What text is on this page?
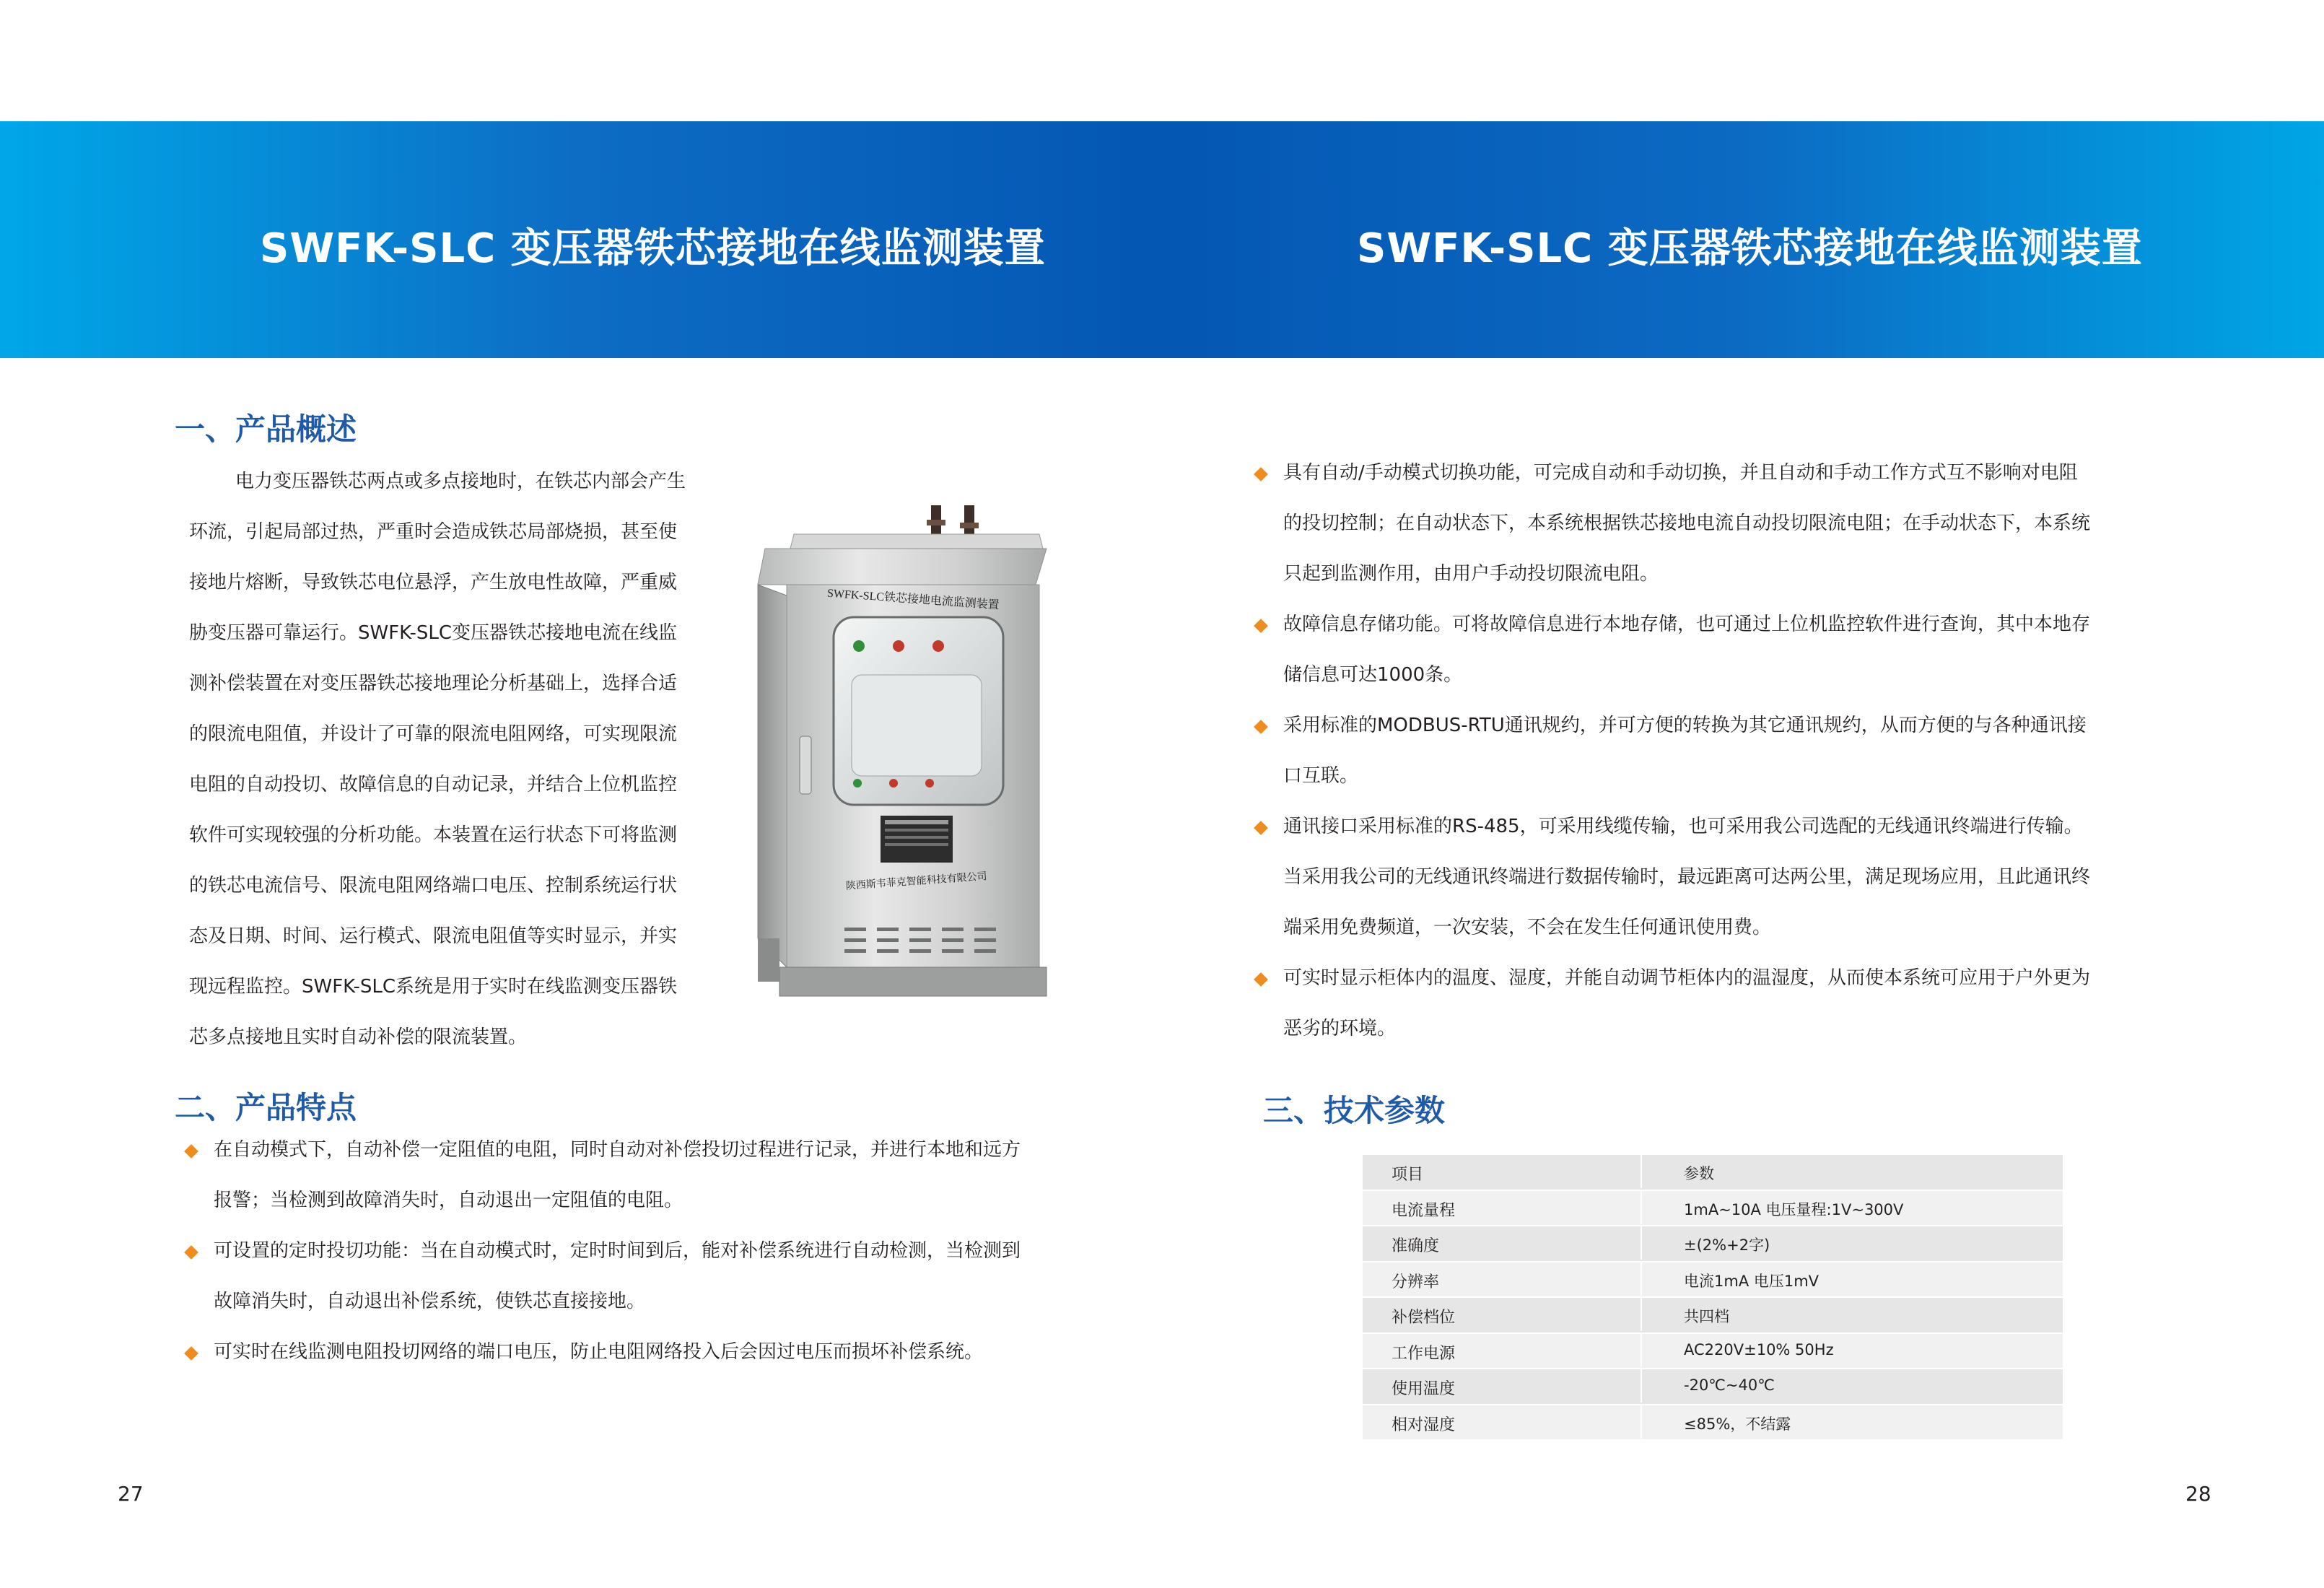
SWFK-SLC 变压器铁芯接地在线监测装置	SWFK-SLC 变压器铁芯接地在线监测装置
一、产品概述
电力变压器铁芯两点或多点接地时，在铁芯内部会产生
环流，引起局部过热，严重时会造成铁芯局部烧损，甚至使
接地片熔断，导致铁芯电位悬浮，产生放电性故障，严重威
胁变压器可靠运行。SWFK-SLC变压器铁芯接地电流在线监
测补偿装置在对变压器铁芯接地理论分析基础上，选择合适
的限流电阻值，并设计了可靠的限流电阻网络，可实现限流
电阻的自动投切、故障信息的自动记录，并结合上位机监控
软件可实现较强的分析功能。本装置在运行状态下可将监测
的铁芯电流信号、限流电阻网络端口电压、控制系统运行状
态及日期、时间、运行模式、限流电阻值等实时显示，并实
现远程监控。SWFK-SLC系统是用于实时在线监测变压器铁
芯多点接地且实时自动补偿的限流装置。
SWFK-SLC铁芯接地电流监测装置
陕西斯韦菲克智能科技有限公司
二、产品特点
在自动模式下，自动补偿一定阻值的电阻，同时自动对补偿投切过程进行记录，并进行本地和远方
报警；当检测到故障消失时，自动退出一定阻值的电阻。
可设置的定时投切功能：当在自动模式时，定时时间到后，能对补偿系统进行自动检测，当检测到
故障消失时，自动退出补偿系统，使铁芯直接接地。
可实时在线监测电阻投切网络的端口电压，防止电阻网络投入后会因过电压而损坏补偿系统。
具有自动/手动模式切换功能，可完成自动和手动切换，并且自动和手动工作方式互不影响对电阻
的投切控制；在自动状态下，本系统根据铁芯接地电流自动投切限流电阻；在手动状态下，本系统
只起到监测作用，由用户手动投切限流电阻。
故障信息存储功能。可将故障信息进行本地存储，也可通过上位机监控软件进行查询，其中本地存
储信息可达1000条。
采用标准的MODBUS-RTU通讯规约，并可方便的转换为其它通讯规约，从而方便的与各种通讯接
口互联。
通讯接口采用标准的RS-485，可采用线缆传输，也可采用我公司选配的无线通讯终端进行传输。
当采用我公司的无线通讯终端进行数据传输时，最远距离可达两公里，满足现场应用，且此通讯终
端采用免费频道，一次安装，不会在发生任何通讯使用费。
可实时显示柜体内的温度、湿度，并能自动调节柜体内的温湿度，从而使本系统可应用于户外更为
恶劣的环境。
三、技术参数
项目	参数
电流量程	1mA~10A 电压量程:1V~300V
准确度	±(2%+2字)
分辨率	电流1mA 电压1mV
补偿档位	共四档
工作电源	AC220V±10% 50Hz
使用温度	-20℃~40℃
相对湿度	≤85%，不结露
27	28
